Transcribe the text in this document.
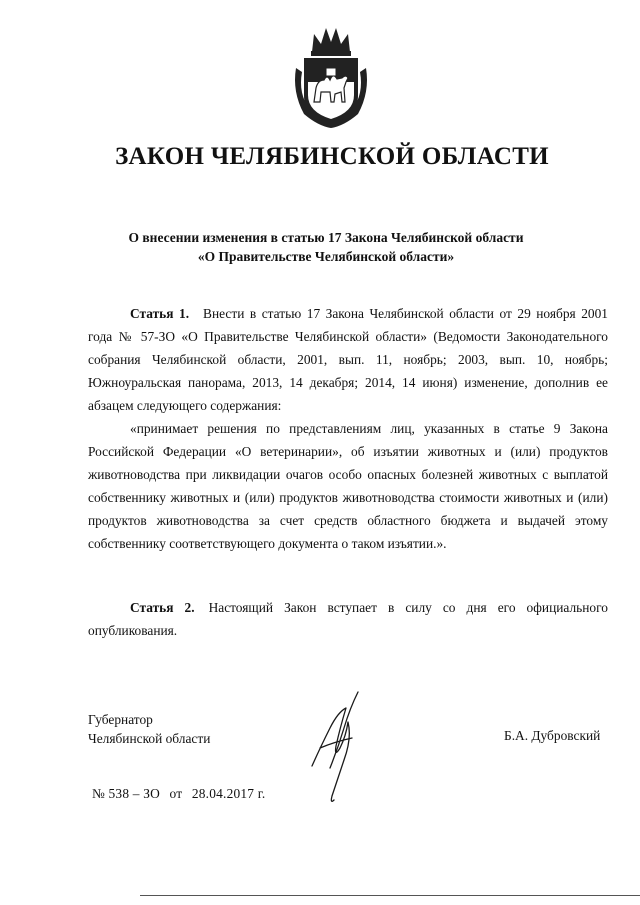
ЗАКОН ЧЕЛЯБИНСКОЙ ОБЛАСТИ
О внесении изменения в статью 17 Закона Челябинской области
«О Правительстве Челябинской области»

Статья 1. Внести в статью 17 Закона Челябинской области от 29 ноября 2001 года № 57-ЗО «О Правительстве Челябинской области» (Ведомости Законодательного собрания Челябинской области, 2001, вып. 11, ноябрь; 2003, вып. 10, ноябрь; Южноуральская панорама, 2013, 14 декабря; 2014, 14 июня) изменение, дополнив ее абзацем следующего содержания:

«принимает решения по представлениям лиц, указанных в статье 9 Закона Российской Федерации «О ветеринарии», об изъятии животных и (или) продуктов животноводства при ликвидации очагов особо опасных болезней животных с выплатой собственнику животных и (или) продуктов животноводства стоимости животных и (или) продуктов животноводства за счет средств областного бюджета и выдачей этому собственнику соответствующего документа о таком изъятии.».

Статья 2. Настоящий Закон вступает в силу со дня его официального опубликования.

Губернатор
Челябинской области	Б.А. Дубровский
№ 538 – ЗО от 28.04.2017 г.
